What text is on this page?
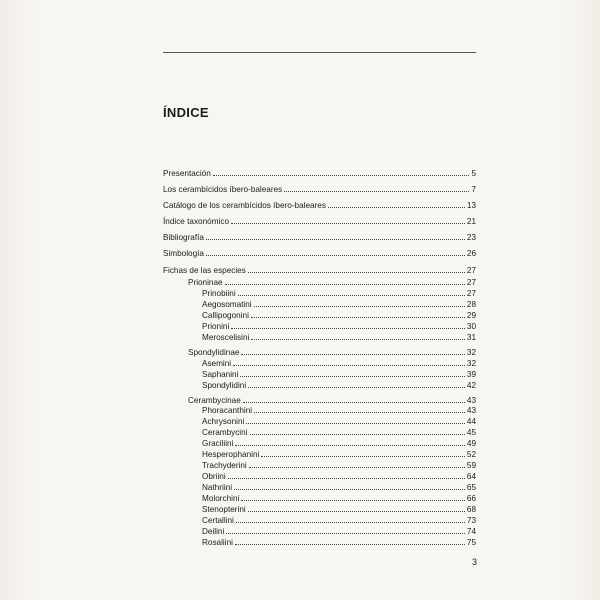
ÍNDICE
Presentación	5
Los cerambícidos íbero-baleares	7
Catálogo de los cerambícidos íbero-baleares	13
Índice taxonómico	21
Bibliografía	23
Simbología	26
Fichas de las especies	27
Prioninae	27
Prinobiini	27
Aegosomatini	28
Callipogonini	29
Prionini	30
Meroscelisini	31
Spondylidinae	32
Asemini	32
Saphanini	39
Spondylidini	42
Cerambycinae	43
Phoracanthini	43
Achrysonini	44
Cerambycini	45
Graciliini	49
Hesperophanini	52
Trachyderini	59
Obriini	64
Nathriini	65
Molorchini	66
Stenopterini	68
Certallini	73
Deilini	74
Rosaliini	75
3
